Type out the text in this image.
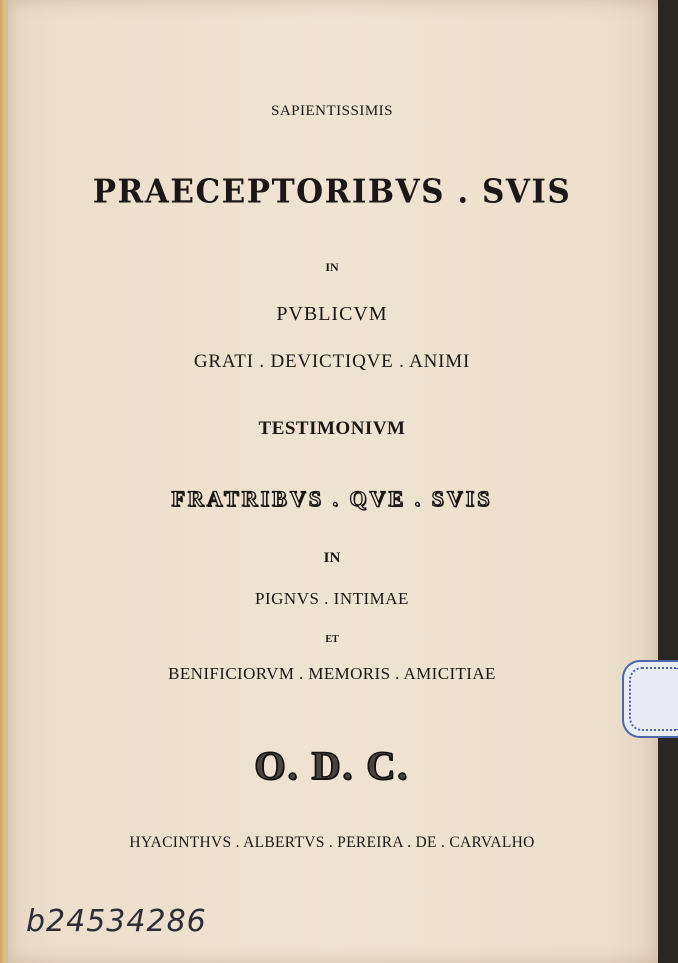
SAPIENTISSIMIS
PRAECEPTORIBVS . SVIS
IN
PVBLICVM
GRATI . DEVICTIQVE . ANIMI
TESTIMONIVM
FRATRIBVS . QVE . SVIS
IN
PIGNVS . INTIMAE
ET
BENIFICIORVM . MEMORIS . AMICITIAE
O. D. C.
HYACINTHVS . ALBERTVS . PEREIRA . DE . CARVALHO
b24534286
